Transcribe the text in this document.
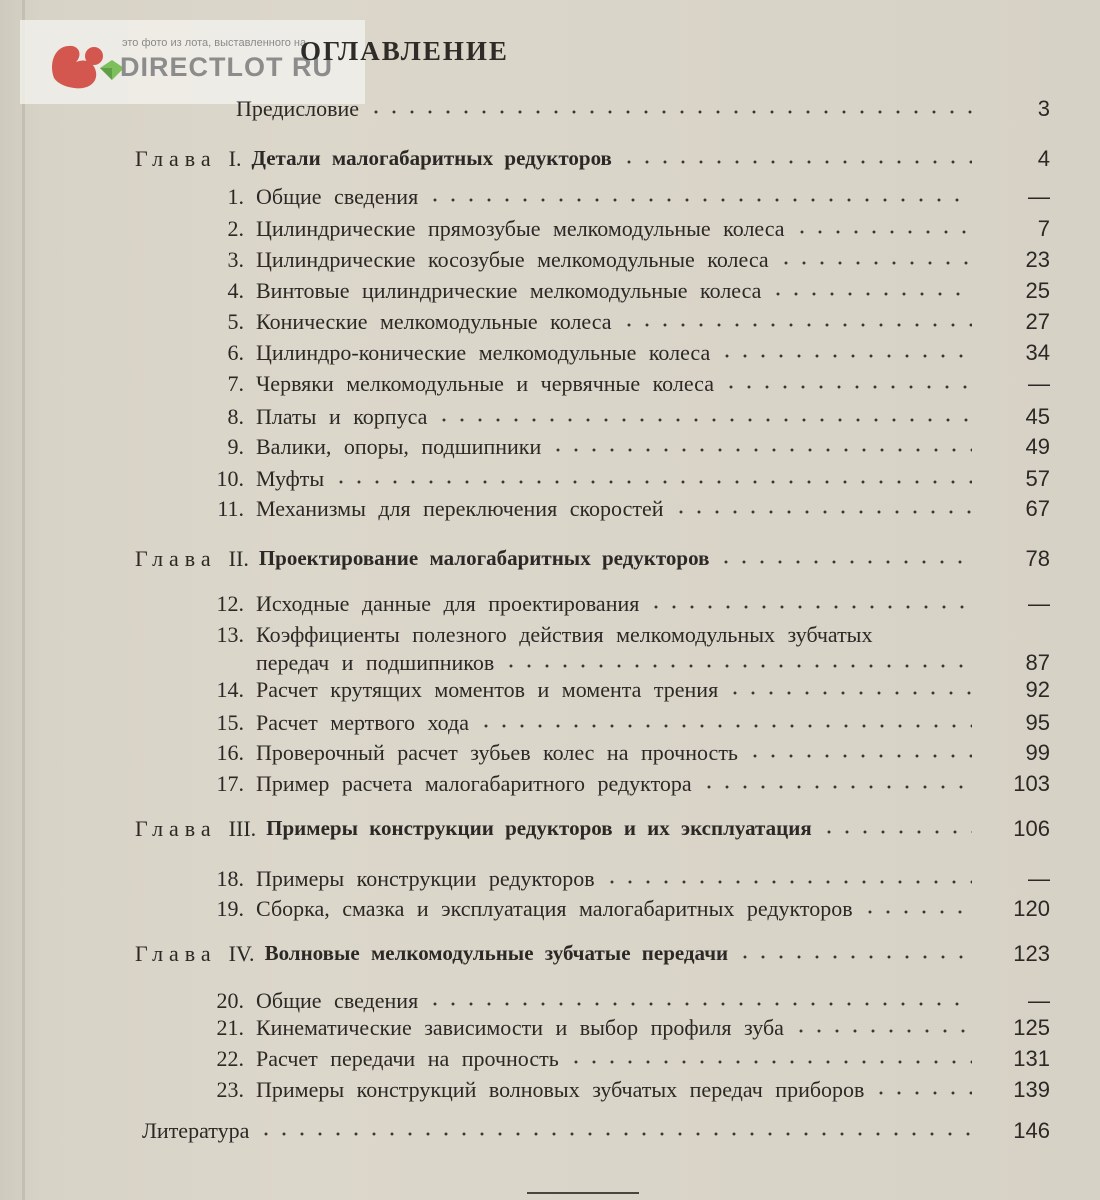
это фото из лота, выставленного на
DIRECTLOT RU
ОГЛАВЛЕНИЕ
Предисловие	3
Глава I. Детали малогабаритных редукторов	4
1. Общие сведения	—
2. Цилиндрические прямозубые мелкомодульные колеса	7
3. Цилиндрические косозубые мелкомодульные колеса	23
4. Винтовые цилиндрические мелкомодульные колеса	25
5. Конические мелкомодульные колеса	27
6. Цилиндро-конические мелкомодульные колеса	34
7. Червяки мелкомодульные и червячные колеса	—
8. Платы и корпуса	45
9. Валики, опоры, подшипники	49
10. Муфты	57
11. Механизмы для переключения скоростей	67
Глава II. Проектирование малогабаритных редукторов	78
12. Исходные данные для проектирования	—
13. Коэффициенты полезного действия мелкомодульных зубчатых
передач и подшипников	87
14. Расчет крутящих моментов и момента трения	92
15. Расчет мертвого хода	95
16. Проверочный расчет зубьев колес на прочность	99
17. Пример расчета малогабаритного редуктора	103
Глава III. Примеры конструкции редукторов и их эксплуатация	106
18. Примеры конструкции редукторов	—
19. Сборка, смазка и эксплуатация малогабаритных редукторов	120
Глава IV. Волновые мелкомодульные зубчатые передачи	123
20. Общие сведения	—
21. Кинематические зависимости и выбор профиля зуба	125
22. Расчет передачи на прочность	131
23. Примеры конструкций волновых зубчатых передач приборов	139
Литература	146
